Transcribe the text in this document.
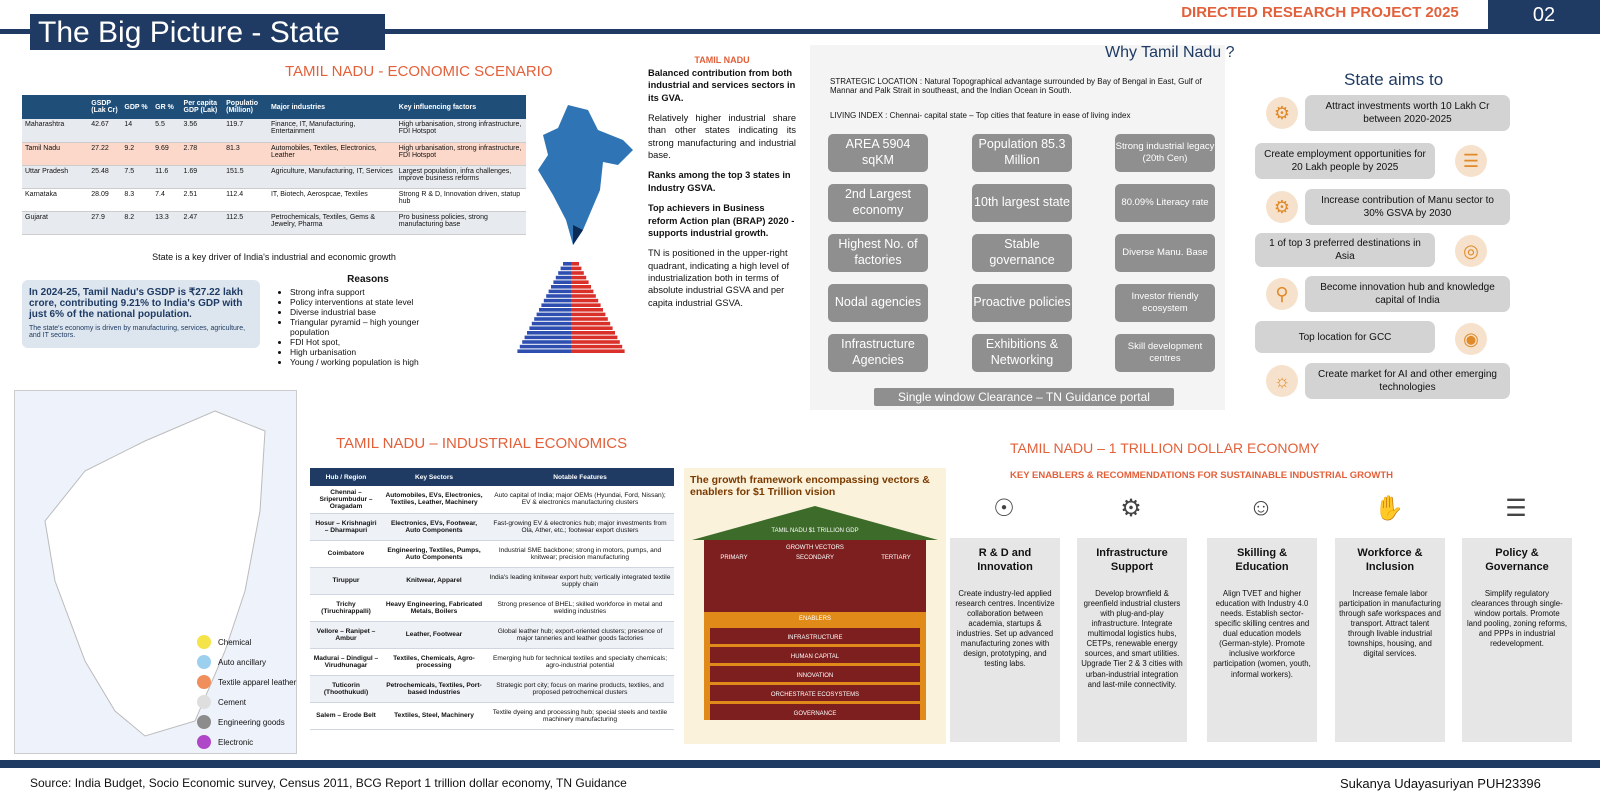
The Big Picture - State
DIRECTED RESEARCH PROJECT 2025	02
TAMIL NADU - ECONOMIC SCENARIO
	GSDP (Lak Cr)	GDP %	GR %	Per capita GDP (Lak)	Populatio (Million)	Major industries	Key influencing factors
Maharashtra	42.67	14	5.5	3.56	119.7	Finance, IT, Manufacturing, Entertainment	High urbanisation, strong infrastructure, FDI Hotspot
Tamil Nadu	27.22	9.2	9.69	2.78	81.3	Automobiles, Textiles, Electronics, Leather	High urbanisation, strong infrastructure, FDI Hotspot
Uttar Pradesh	25.48	7.5	11.6	1.69	151.5	Agriculture, Manufacturing, IT, Services	Largest population, infra challenges, improve business reforms
Karnataka	28.09	8.3	7.4	2.51	112.4	IT, Biotech, Aerospcae, Textiles	Strong R & D, Innovation driven, statup hub
Gujarat	27.9	8.2	13.3	2.47	112.5	Petrochemicals, Textiles, Gems & Jewelry, Pharma	Pro business policies, strong manufacturing base
State is a key driver of India's industrial and economic growth
In 2024-25, Tamil Nadu's GSDP is ₹27.22 lakh crore, contributing 9.21% to India's GDP with just 6% of the national population.
The state's economy is driven by manufacturing, services, agriculture, and IT sectors.
Reasons
• Strong infra support
• Policy interventions at state level
• Diverse industrial base
• Triangular pyramid – high younger population
• FDI Hot spot,
• High urbanisation
• Young / working population is high
TAMIL NADU
Balanced contribution from both industrial and services sectors in its GVA.
Relatively higher industrial share than other states indicating its strong manufacturing and industrial base.
Ranks among the top 3 states in Industry GSVA.
Top achievers in Business reform Action plan (BRAP) 2020 -supports industrial growth.
TN is positioned in the upper-right quadrant, indicating a high level of industrialization both in terms of absolute industrial GSVA and per capita industrial GSVA.
Why Tamil Nadu ?
STRATEGIC LOCATION : Natural Topographical advantage surrounded by Bay of Bengal in East, Gulf of Mannar and Palk Strait in southeast, and the Indian Ocean in South.
LIVING INDEX : Chennai- capital state – Top cities that feature in ease of living index
AREA 5904 sqKM
Population 85.3 Million
Strong industrial legacy (20th Cen)
2nd Largest economy
10th largest state	80.09% Literacy rate
Highest No. of factories
Stable governance
Diverse Manu. Base
Nodal agencies	Proactive policies	Investor friendly ecosystem
Infrastructure Agencies
Exhibitions & Networking
Skill development centres
Single window Clearance – TN Guidance portal
State aims to
Attract investments worth 10 Lakh Cr between 2020-2025
⚙
Create employment opportunities for 20 Lakh people by 2025	☰
Increase contribution of Manu sector to 30% GSVA by 2030
⚙
1 of top 3 preferred destinations in Asia	◎
Become innovation hub and knowledge capital of India
⚲
Top location for GCC	◉
Create market for AI and other emerging technologies
☼
Chemical
Auto ancillary
Textile apparel leather
Cement
Engineering goods
Electronic
TAMIL NADU – INDUSTRIAL ECONOMICS
Hub / Region	Key Sectors	Notable Features
Chennai – Sriperumbudur – Oragadam	Automobiles, EVs, Electronics, Textiles, Leather, Machinery	Auto capital of India; major OEMs (Hyundai, Ford, Nissan); EV & electronics manufacturing clusters
Hosur – Krishnagiri – Dharmapuri	Electronics, EVs, Footwear, Auto Components	Fast-growing EV & electronics hub; major investments from Ola, Ather, etc.; footwear export clusters
Coimbatore	Engineering, Textiles, Pumps, Auto Components	Industrial SME backbone; strong in motors, pumps, and knitwear; precision manufacturing
Tiruppur	Knitwear, Apparel	India's leading knitwear export hub; vertically integrated textile supply chain
Trichy (Tiruchirappalli)	Heavy Engineering, Fabricated Metals, Boilers	Strong presence of BHEL; skilled workforce in metal and welding industries
Vellore – Ranipet – Ambur	Leather, Footwear	Global leather hub; export-oriented clusters; presence of major tanneries and leather goods factories
Madurai – Dindigul – Virudhunagar	Textiles, Chemicals, Agro-processing	Emerging hub for technical textiles and specialty chemicals; agro-industrial potential
Tuticorin (Thoothukudi)	Petrochemicals, Textiles, Port-based Industries	Strategic port city; focus on marine products, textiles, and proposed petrochemical clusters
Salem – Erode Belt	Textiles, Steel, Machinery	Textile dyeing and processing hub; special steels and textile machinery manufacturing
The growth framework encompassing vectors & enablers for $1 Trillion vision
TAMIL NADU $1 TRILLION GDP
GROWTH VECTORS
PRIMARY	SECONDARY	TERTIARY
ENABLERS
INFRASTRUCTURE
HUMAN CAPITAL
INNOVATION
ORCHESTRATE ECOSYSTEMS
GOVERNANCE
TAMIL NADU – 1 TRILLION DOLLAR ECONOMY
KEY ENABLERS & RECOMMENDATIONS FOR SUSTAINABLE INDUSTRIAL GROWTH
☉
R & D and Innovation
Create industry-led applied research centres. Incentivize collaboration between academia, startups & industries. Set up advanced manufacturing zones with design, prototyping, and testing labs.
⚙
Infrastructure Support
Develop brownfield & greenfield industrial clusters with plug-and-play infrastructure. Integrate multimodal logistics hubs, CETPs, renewable energy sources, and smart utilities. Upgrade Tier 2 & 3 cities with urban-industrial integration and last-mile connectivity.
☺
Skilling & Education
Align TVET and higher education with Industry 4.0 needs. Establish sector-specific skilling centres and dual education models (German-style). Promote inclusive workforce participation (women, youth, informal workers).
✋
Workforce & Inclusion
Increase female labor participation in manufacturing through safe workspaces and transport. Attract talent through livable industrial townships, housing, and digital services.
☰
Policy & Governance
Simplify regulatory clearances through single-window portals. Promote land pooling, zoning reforms, and PPPs in industrial redevelopment.
Source: India Budget, Socio Economic survey, Census 2011, BCG Report 1 trillion dollar economy, TN Guidance	Sukanya Udayasuriyan PUH23396
